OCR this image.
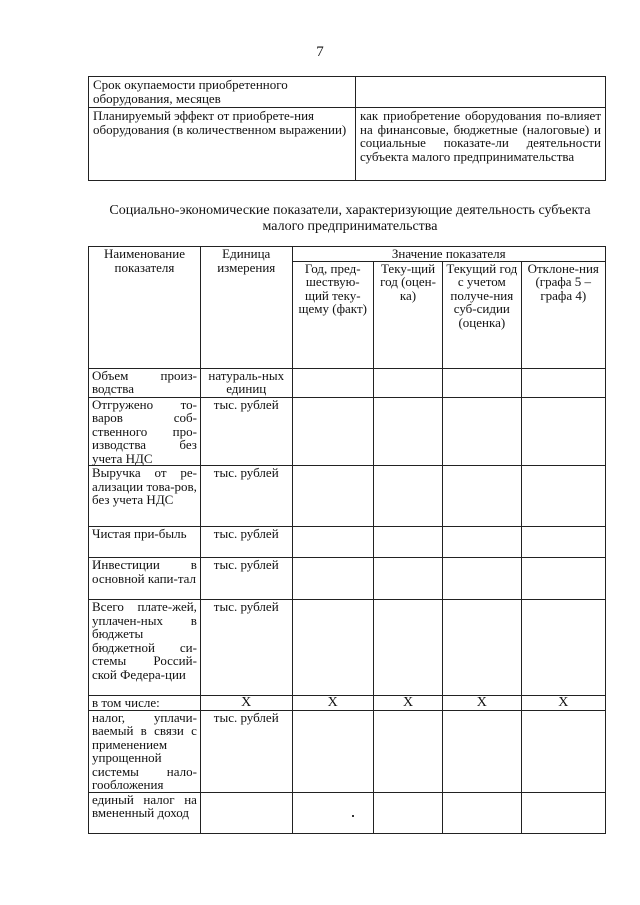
7
Срок окупаемости приобретенного оборудования, месяцев	
Планируемый эффект от приобрете-ния оборудования (в количественном выражении)	как приобретение оборудования по-влияет на финансовые, бюджетные (налоговые) и социальные показате-ли деятельности субъекта малого предпринимательства
Социально-экономические показатели, характеризующие деятельность субъекта малого предпринимательства
Наименование показателя	Единица измерения	Значение показателя			
		Год, пред-шествую-щий теку-щему (факт)	Теку-щий год (оцен-ка)	Текущий год с учетом получе-ния суб-сидии (оценка)	Отклоне-ния (графа 5 – графа 4)
Объем произ-водства	натураль-ных единиц				
Отгружено то-варов соб-ственного про-изводства без учета НДС	тыс. рублей				
Выручка от ре-ализации това-ров, без учета НДС	тыс. рублей				
Чистая при-быль	тыс. рублей				
Инвестиции в основной капи-тал	тыс. рублей				
Всего плате-жей, уплачен-ных в бюджеты бюджетной си-стемы Россий-ской Федера-ции	тыс. рублей				
в том числе:	X	X	X	X	X
налог, уплачи-ваемый в связи с применением упрощенной системы нало-гообложения	тыс. рублей				
единый налог на вмененный доход					
